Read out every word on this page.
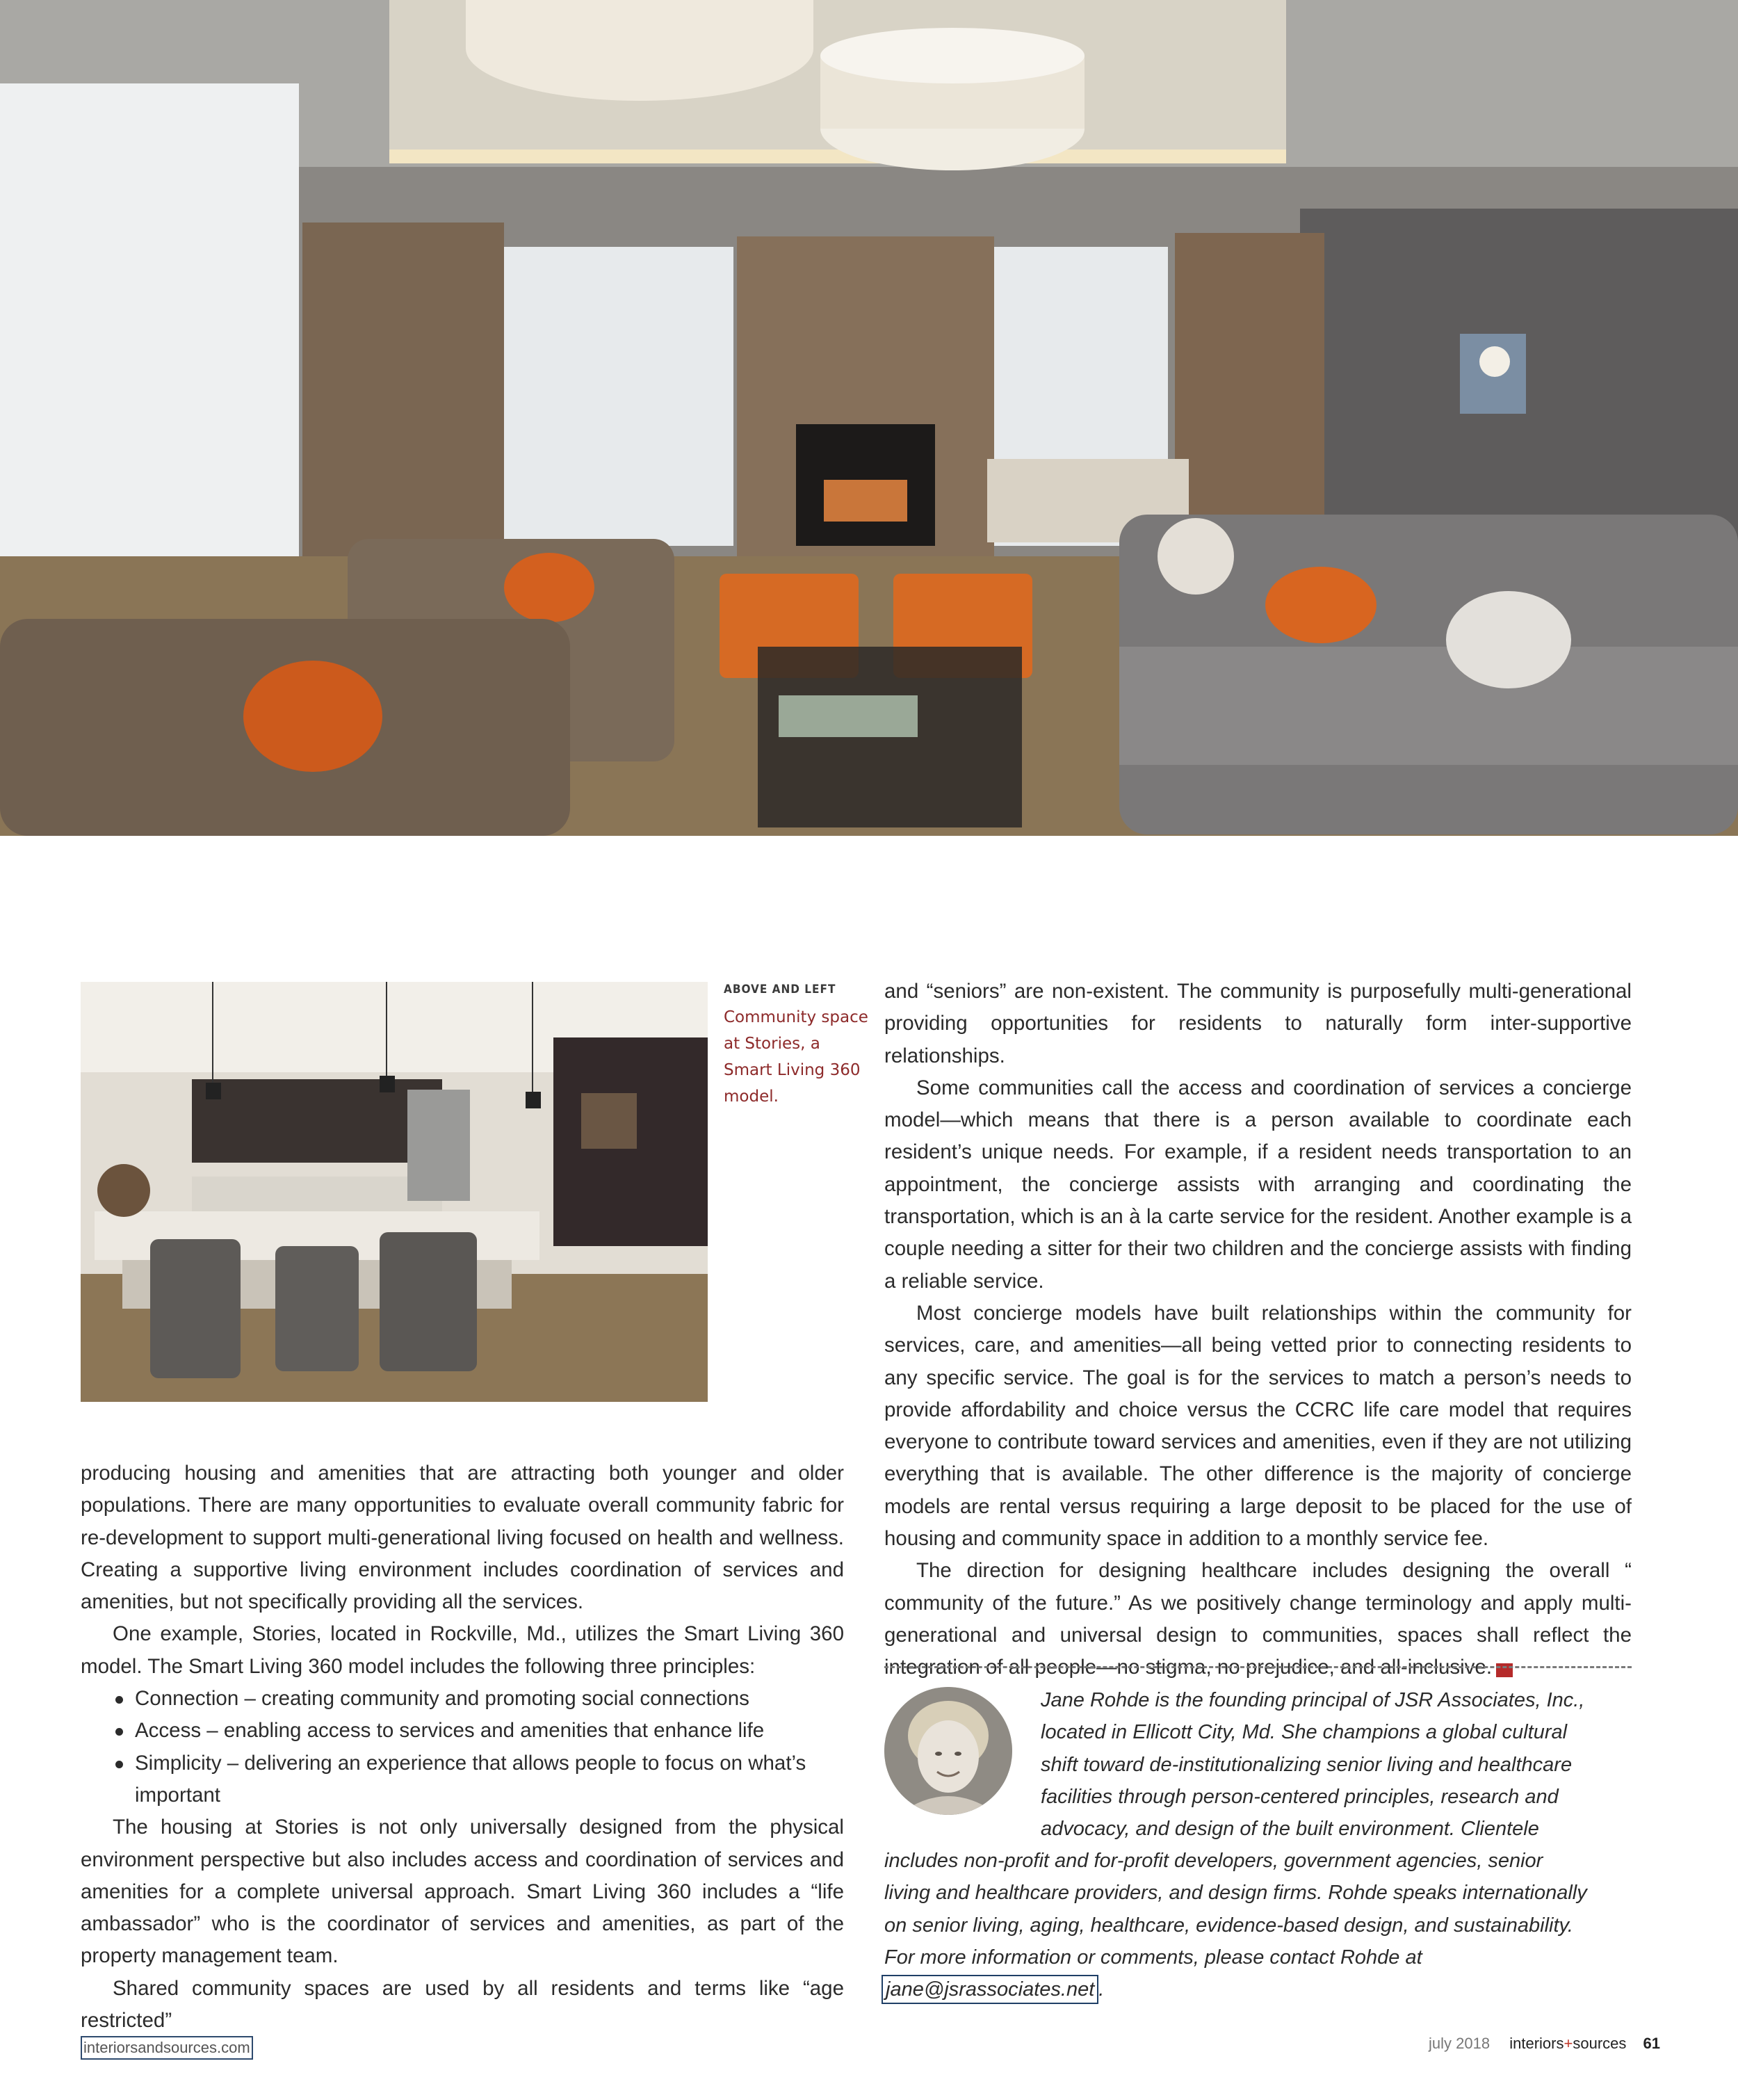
ABOVE AND LEFT
Community space at Stories, a Smart Living 360 model.

producing housing and amenities that are attracting both younger and older populations. There are many opportunities to evaluate overall community fabric for re-development to support multi-generational living focused on health and wellness. Creating a supportive living environment includes coordination of services and amenities, but not specifically providing all the services.

One example, Stories, located in Rockville, Md., utilizes the Smart Living 360 model. The Smart Living 360 model includes the following three principles:

Connection – creating community and promoting social connections
Access – enabling access to services and amenities that enhance life
Simplicity – delivering an experience that allows people to focus on what’s important

The housing at Stories is not only universally designed from the physical environment perspective but also includes access and coordination of services and amenities for a complete universal approach. Smart Living 360 includes a “life ambassador” who is the coordinator of services and amenities, as part of the property management team.

Shared community spaces are used by all residents and terms like “age restricted”

and “seniors” are non-existent. The community is purposefully multi-generational providing opportunities for residents to naturally form inter-supportive relationships.

Some communities call the access and coordination of services a concierge model—which means that there is a person available to coordinate each resident’s unique needs. For example, if a resident needs transportation to an appointment, the concierge assists with arranging and coordinating the transportation, which is an à la carte service for the resident. Another example is a couple needing a sitter for their two children and the concierge assists with finding a reliable service.

Most concierge models have built relationships within the community for services, care, and amenities—all being vetted prior to connecting residents to any specific service. The goal is for the services to match a person’s needs to provide affordability and choice versus the CCRC life care model that requires everyone to contribute toward services and amenities, even if they are not utilizing everything that is available. The other difference is the majority of concierge models are rental versus requiring a large deposit to be placed for the use of housing and community space in addition to a monthly service fee.

The direction for designing healthcare includes designing the overall “ community of the future.” As we positively change terminology and apply multi-generational and universal design to communities, spaces shall reflect the integration of all people—no stigma, no prejudice, and all-inclusive.	i+s

Jane Rohde is the founding principal of JSR Associates, Inc.,
located in Ellicott City, Md. She champions a global cultural
shift toward de-institutionalizing senior living and healthcare
facilities through person-centered principles, research and
advocacy, and design of the built environment. Clientele
includes non-profit and for-profit developers, government agencies, senior
living and healthcare providers, and design firms. Rohde speaks internationally
on senior living, aging, healthcare, evidence-based design, and sustainability.
For more information or comments, please contact Rohde at
jane@jsrassociates.net .
interiorsandsources.com	july 2018 interiors+sources 61
